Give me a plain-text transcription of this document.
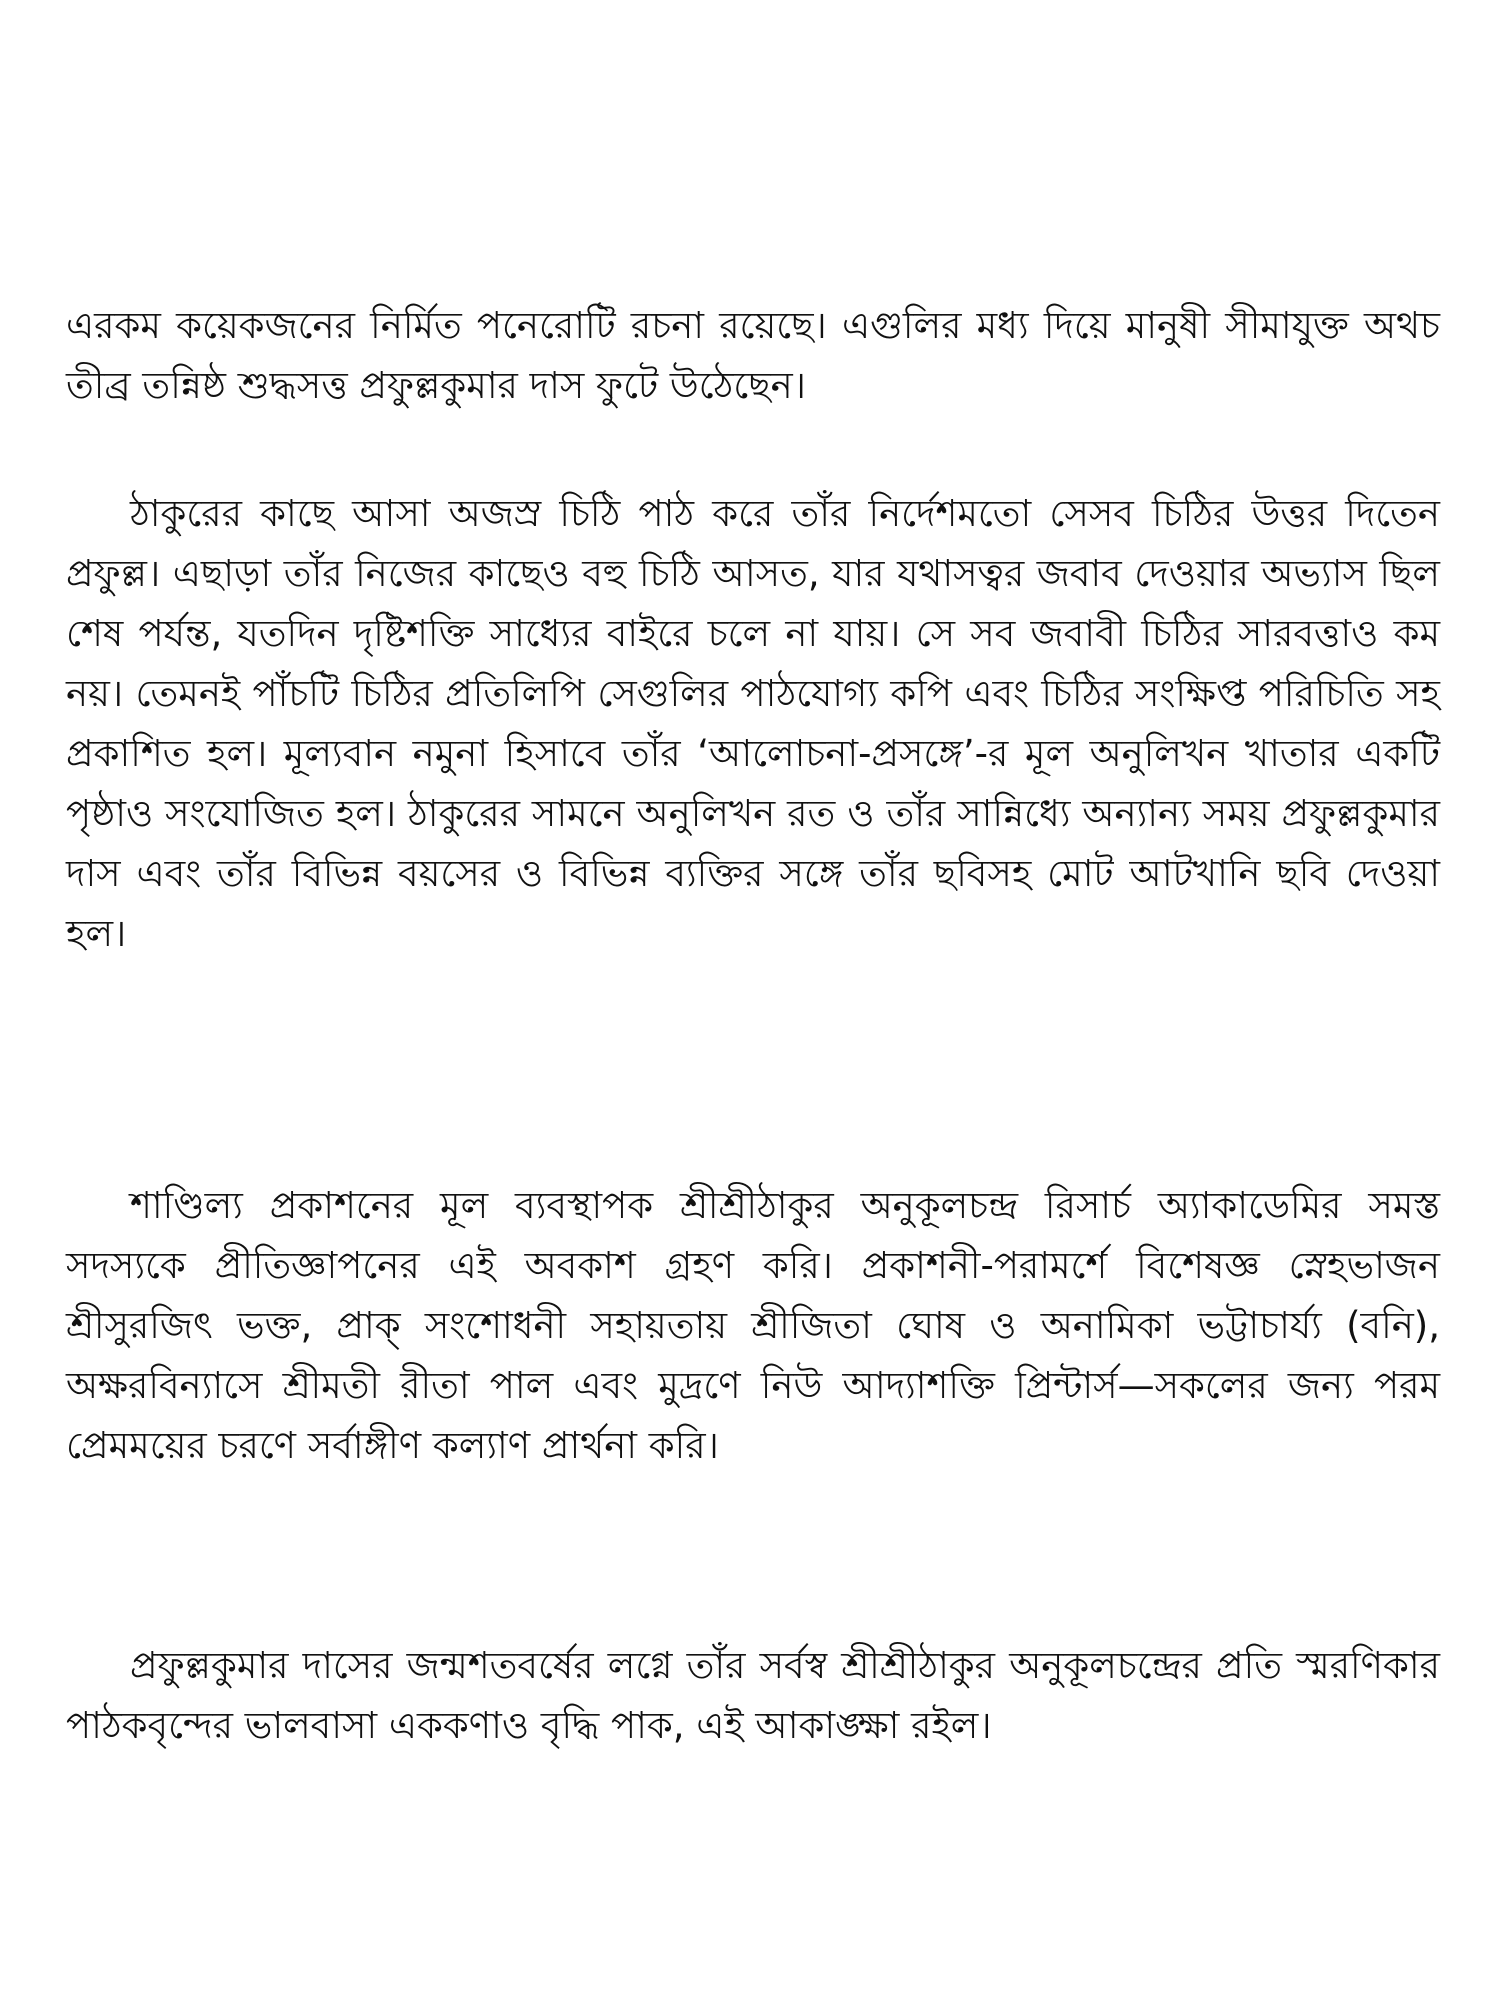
এরকম কয়েকজনের নির্মিত পনেরোটি রচনা রয়েছে। এগুলির মধ্য দিয়ে মানুষী সীমাযুক্ত অথচ তীব্র তন্নিষ্ঠ শুদ্ধসত্ত প্রফুল্লকুমার দাস ফুটে উঠেছেন।

ঠাকুরের কাছে আসা অজস্র চিঠি পাঠ করে তাঁর নির্দেশমতো সেসব চিঠির উত্তর দিতেন প্রফুল্ল। এছাড়া তাঁর নিজের কাছেও বহু চিঠি আসত, যার যথাসত্বর জবাব দেওয়ার অভ্যাস ছিল শেষ পর্যন্ত, যতদিন দৃষ্টিশক্তি সাধ্যের বাইরে চলে না যায়। সে সব জবাবী চিঠির সারবত্তাও কম নয়। তেমনই পাঁচটি চিঠির প্রতিলিপি সেগুলির পাঠযোগ্য কপি এবং চিঠির সংক্ষিপ্ত পরিচিতি সহ প্রকাশিত হল। মূল্যবান নমুনা হিসাবে তাঁর ‘আলোচনা-প্রসঙ্গে’-র মূল অনুলিখন খাতার একটি পৃষ্ঠাও সংযোজিত হল। ঠাকুরের সামনে অনুলিখন রত ও তাঁর সান্নিধ্যে অন্যান্য সময় প্রফুল্লকুমার দাস এবং তাঁর বিভিন্ন বয়সের ও বিভিন্ন ব্যক্তির সঙ্গে তাঁর ছবিসহ মোট আটখানি ছবি দেওয়া হল।

শাণ্ডিল্য প্রকাশনের মূল ব্যবস্থাপক শ্রীশ্রীঠাকুর অনুকূলচন্দ্র রিসার্চ অ্যাকাডেমির সমস্ত সদস্যকে প্রীতিজ্ঞাপনের এই অবকাশ গ্রহণ করি। প্রকাশনী-পরামর্শে বিশেষজ্ঞ স্নেহভাজন শ্রীসুরজিৎ ভক্ত, প্রাক্ সংশোধনী সহায়তায় শ্রীজিতা ঘোষ ও অনামিকা ভট্টাচার্য্য (বনি), অক্ষরবিন্যাসে শ্রীমতী রীতা পাল এবং মুদ্রণে নিউ আদ্যাশক্তি প্রিন্টার্স—সকলের জন্য পরম প্রেমময়ের চরণে সর্বাঙ্গীণ কল্যাণ প্রার্থনা করি।

প্রফুল্লকুমার দাসের জন্মশতবর্ষের লগ্নে তাঁর সর্বস্ব শ্রীশ্রীঠাকুর অনুকূলচন্দ্রের প্রতি স্মরণিকার পাঠকবৃন্দের ভালবাসা এককণাও বৃদ্ধি পাক, এই আকাঙ্ক্ষা রইল।
